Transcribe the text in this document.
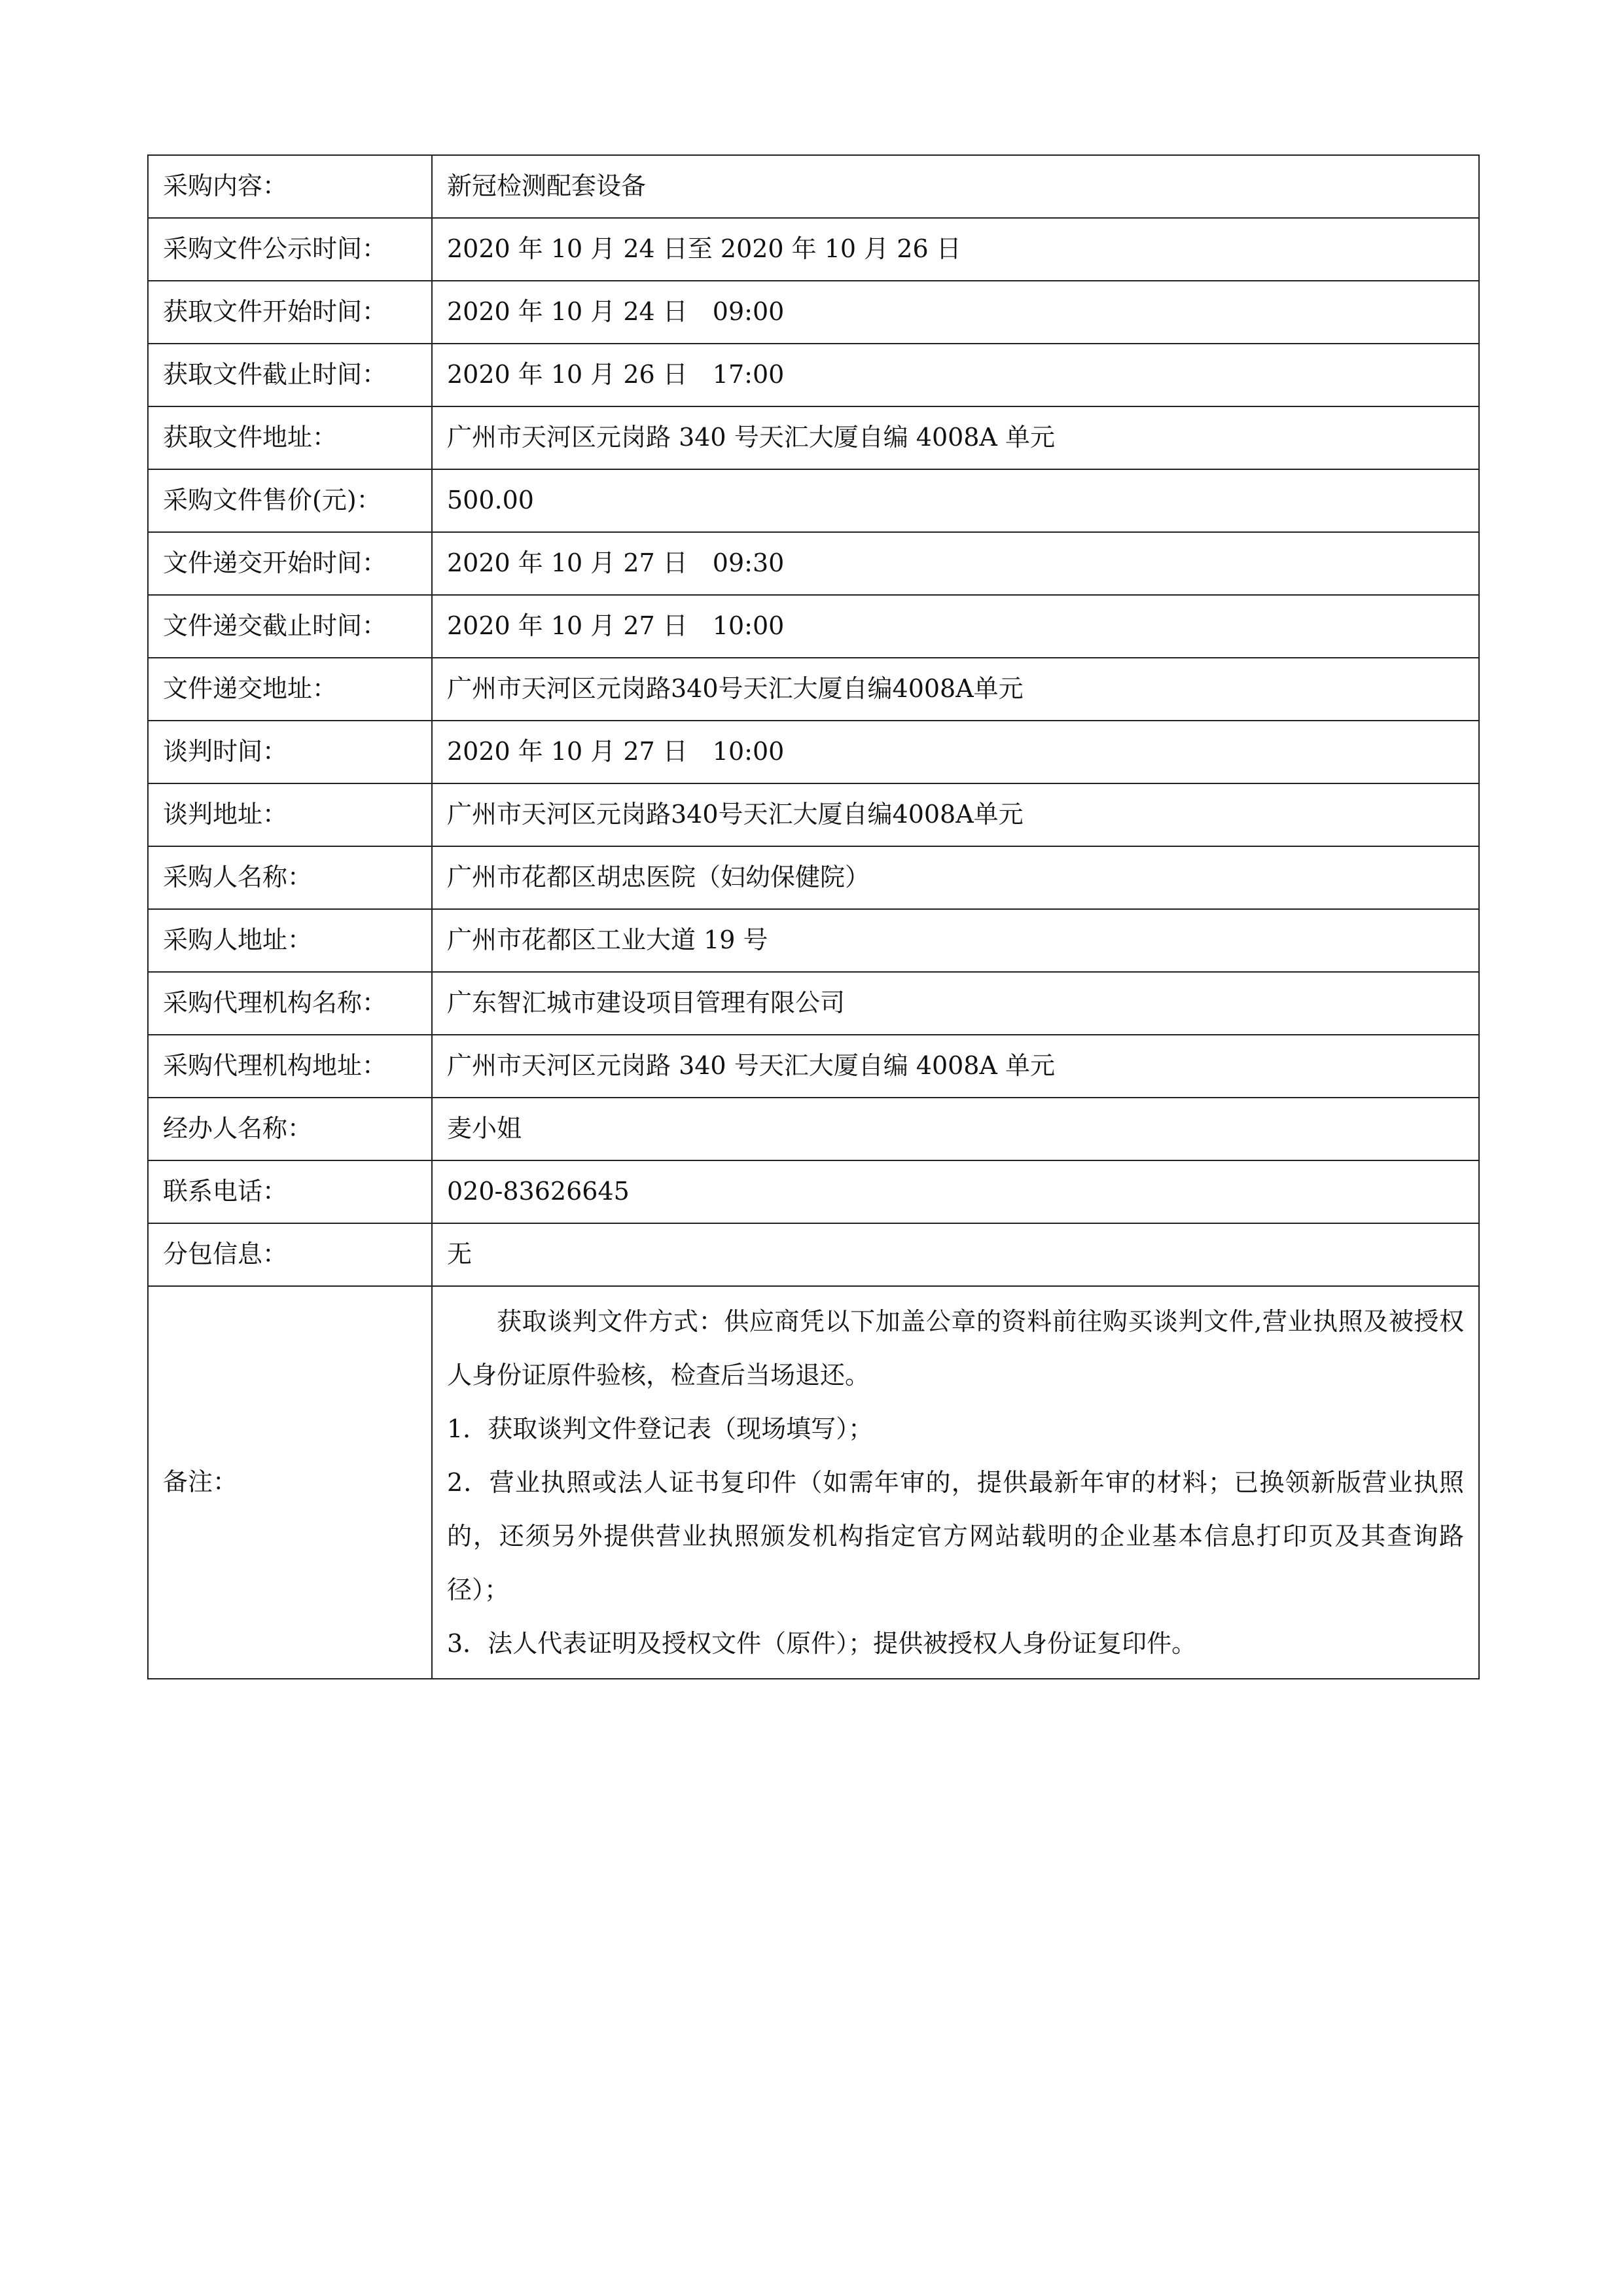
采购内容：	新冠检测配套设备
采购文件公示时间：	2020 年 10 月 24 日至 2020 年 10 月 26 日
获取文件开始时间：	2020 年 10 月 24 日　09:00
获取文件截止时间：	2020 年 10 月 26 日　17:00
获取文件地址：	广州市天河区元岗路 340 号天汇大厦自编 4008A 单元
采购文件售价(元)：	500.00
文件递交开始时间：	2020 年 10 月 27 日　09:30
文件递交截止时间：	2020 年 10 月 27 日　10:00
文件递交地址：	广州市天河区元岗路340号天汇大厦自编4008A单元
谈判时间：	2020 年 10 月 27 日　10:00
谈判地址：	广州市天河区元岗路340号天汇大厦自编4008A单元
采购人名称：	广州市花都区胡忠医院（妇幼保健院）
采购人地址：	广州市花都区工业大道 19 号
采购代理机构名称：	广东智汇城市建设项目管理有限公司
采购代理机构地址：	广州市天河区元岗路 340 号天汇大厦自编 4008A 单元
经办人名称：	麦小姐
联系电话：	020-83626645
分包信息：	无
备注：	获取谈判文件方式：供应商凭以下加盖公章的资料前往购买谈判文件,营业执照及被授权人身份证原件验核，检查后当场退还。

1．获取谈判文件登记表（现场填写）；

2．营业执照或法人证书复印件（如需年审的，提供最新年审的材料；已换领新版营业执照的，还须另外提供营业执照颁发机构指定官方网站载明的企业基本信息打印页及其查询路径）；

3．法人代表证明及授权文件（原件）；提供被授权人身份证复印件。
